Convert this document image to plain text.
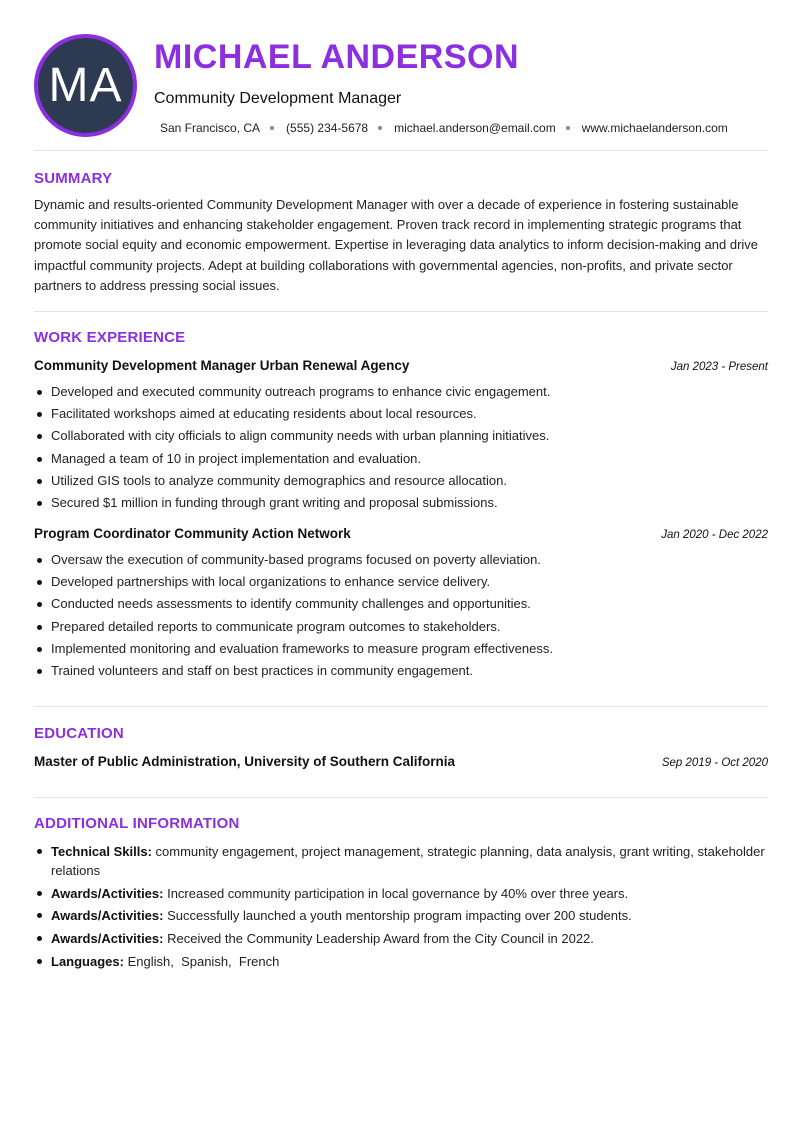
MA
MICHAEL ANDERSON
Community Development Manager
San Francisco, CA (555) 234-5678 michael.anderson@email.com www.michaelanderson.com
SUMMARY

Dynamic and results-oriented Community Development Manager with over a decade of experience in fostering sustainable community initiatives and enhancing stakeholder engagement. Proven track record in implementing strategic programs that promote social equity and economic empowerment. Expertise in leveraging data analytics to inform decision-making and drive impactful community projects. Adept at building collaborations with governmental agencies, non-profits, and private sector partners to address pressing social issues.

WORK EXPERIENCE
Community Development Manager Urban Renewal Agency	Jan 2023 - Present
Developed and executed community outreach programs to enhance civic engagement.
Facilitated workshops aimed at educating residents about local resources.
Collaborated with city officials to align community needs with urban planning initiatives.
Managed a team of 10 in project implementation and evaluation.
Utilized GIS tools to analyze community demographics and resource allocation.
Secured $1 million in funding through grant writing and proposal submissions.
Program Coordinator Community Action Network	Jan 2020 - Dec 2022
Oversaw the execution of community-based programs focused on poverty alleviation.
Developed partnerships with local organizations to enhance service delivery.
Conducted needs assessments to identify community challenges and opportunities.
Prepared detailed reports to communicate program outcomes to stakeholders.
Implemented monitoring and evaluation frameworks to measure program effectiveness.
Trained volunteers and staff on best practices in community engagement.
EDUCATION
Master of Public Administration, University of Southern California	Sep 2019 - Oct 2020
ADDITIONAL INFORMATION
Technical Skills: community engagement, project management, strategic planning, data analysis, grant writing, stakeholder relations
Awards/Activities: Increased community participation in local governance by 40% over three years.
Awards/Activities: Successfully launched a youth mentorship program impacting over 200 students.
Awards/Activities: Received the Community Leadership Award from the City Council in 2022.
Languages: English,  Spanish,  French
